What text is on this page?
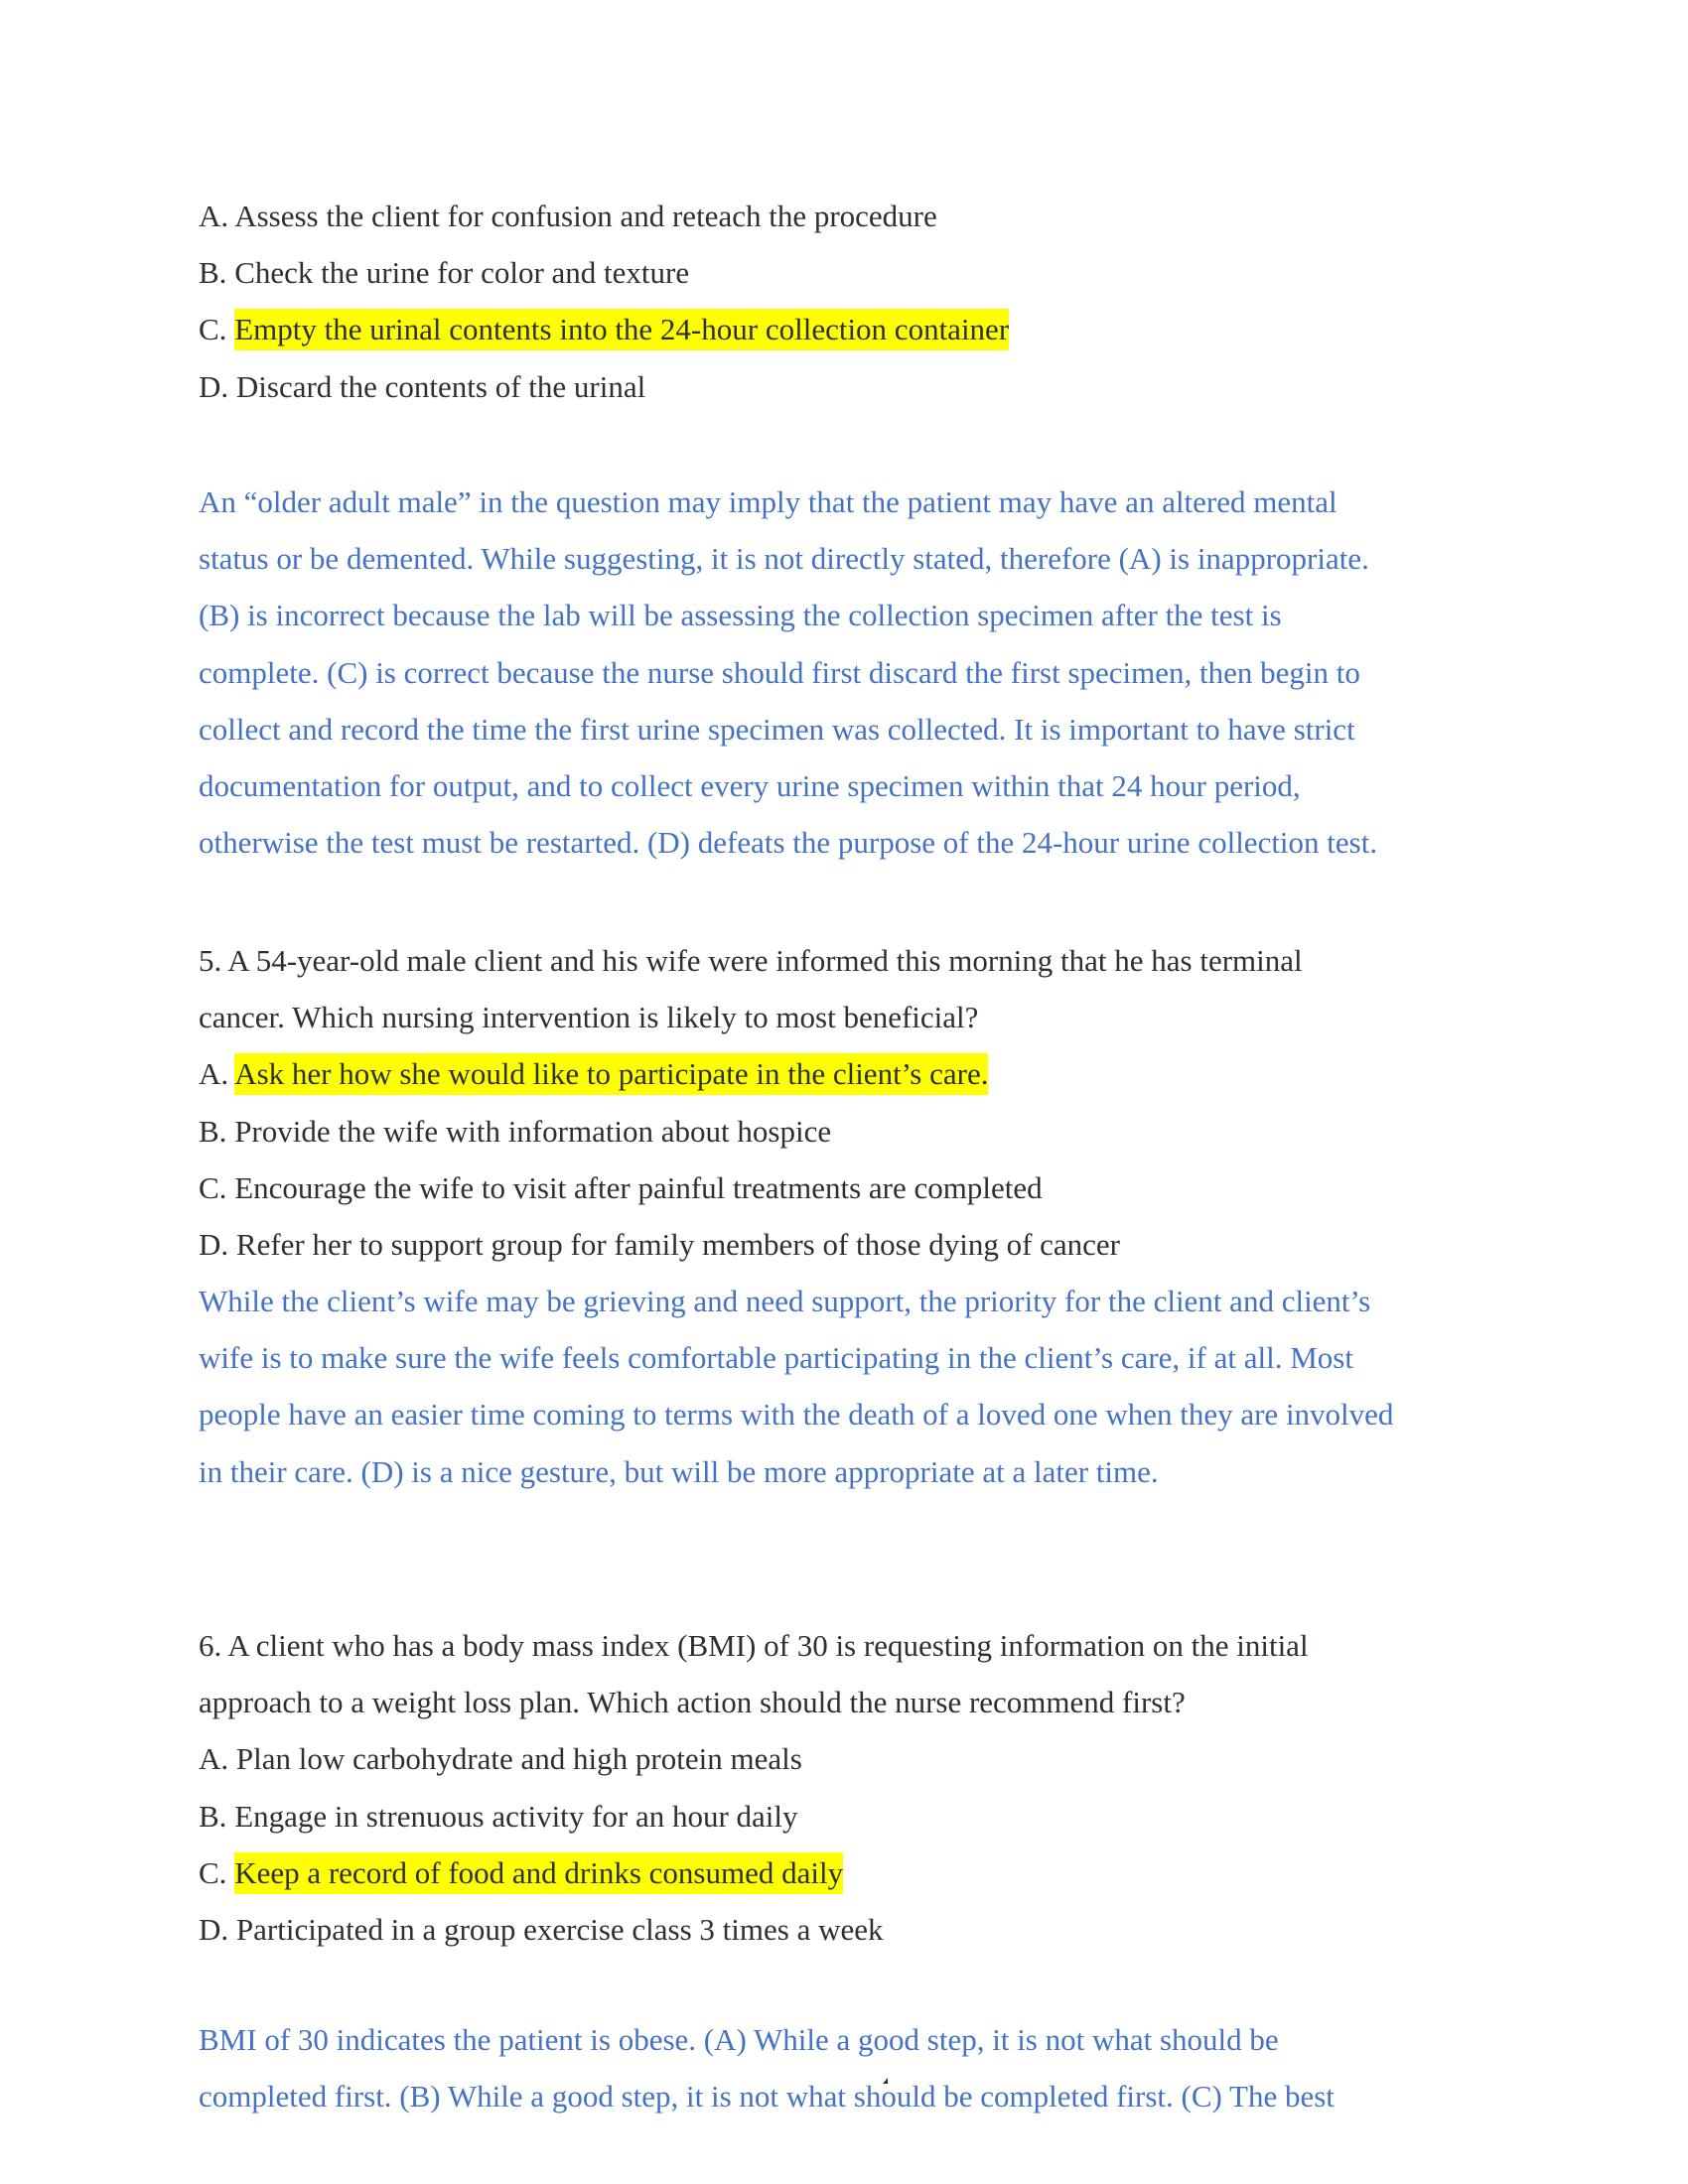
A. Assess the client for confusion and reteach the procedure
B. Check the urine for color and texture
C. Empty the urinal contents into the 24-hour collection container
D. Discard the contents of the urinal
An “older adult male” in the question may imply that the patient may have an altered mental
status or be demented. While suggesting, it is not directly stated, therefore (A) is inappropriate.
(B) is incorrect because the lab will be assessing the collection specimen after the test is
complete. (C) is correct because the nurse should first discard the first specimen, then begin to
collect and record the time the first urine specimen was collected. It is important to have strict
documentation for output, and to collect every urine specimen within that 24 hour period,
otherwise the test must be restarted. (D) defeats the purpose of the 24-hour urine collection test.
5. A 54-year-old male client and his wife were informed this morning that he has terminal
cancer. Which nursing intervention is likely to most beneficial?
A. Ask her how she would like to participate in the client’s care.
B. Provide the wife with information about hospice
C. Encourage the wife to visit after painful treatments are completed
D. Refer her to support group for family members of those dying of cancer
While the client’s wife may be grieving and need support, the priority for the client and client’s
wife is to make sure the wife feels comfortable participating in the client’s care, if at all. Most
people have an easier time coming to terms with the death of a loved one when they are involved
in their care. (D) is a nice gesture, but will be more appropriate at a later time.
6. A client who has a body mass index (BMI) of 30 is requesting information on the initial
approach to a weight loss plan. Which action should the nurse recommend first?
A. Plan low carbohydrate and high protein meals
B. Engage in strenuous activity for an hour daily
C. Keep a record of food and drinks consumed daily
D. Participated in a group exercise class 3 times a week
BMI of 30 indicates the patient is obese. (A) While a good step, it is not what should be
completed first. (B) While a good step, it is not what should be completed first. (C) The best
